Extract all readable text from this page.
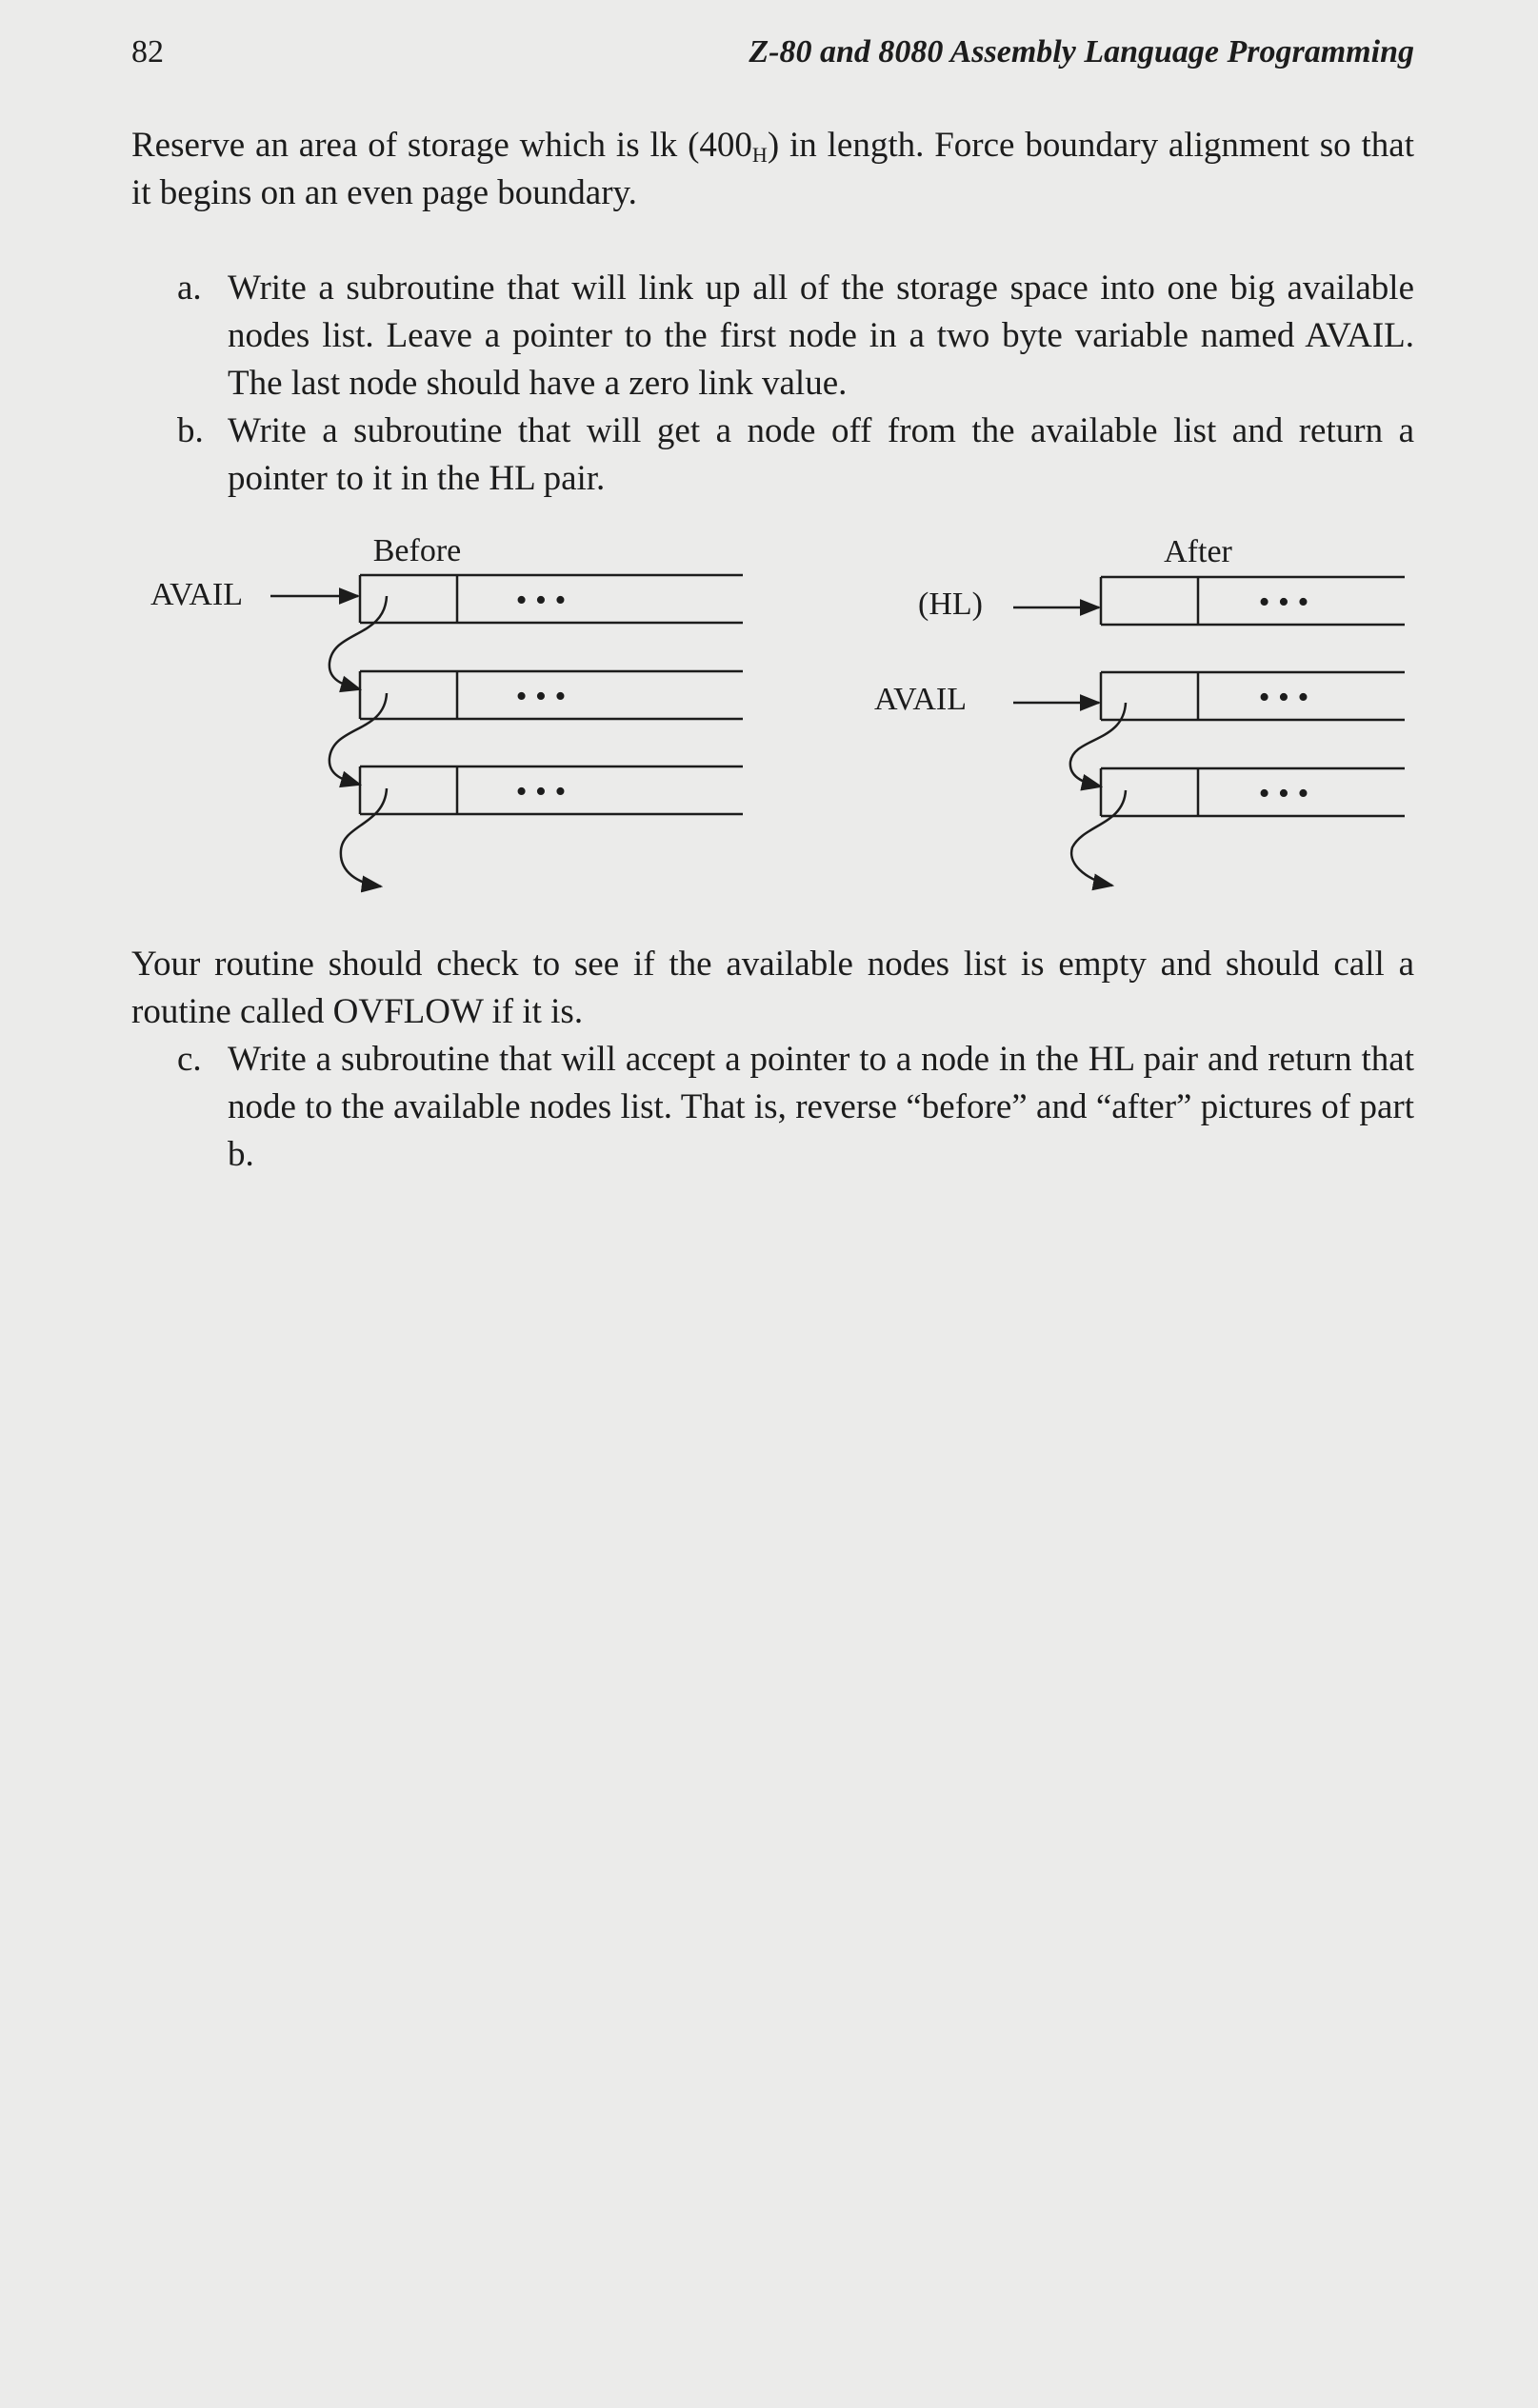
82	Z-80 and 8080 Assembly Language Programming

Reserve an area of storage which is lk $(400_H)$ in length. Force boundary alignment so that it begins on an even page boundary.

a. Write a subroutine that will link up all of the storage space into one big available nodes list. Leave a pointer to the first node in a two byte variable named AVAIL. The last node should have a zero link value.
b. Write a subroutine that will get a node off from the available list and return a pointer to it in the HL pair.
Before
AVAIL	• • •
• • •
• • •
After
(HL)
AVAIL
• • •
• • •
• • •

Your routine should check to see if the available nodes list is empty and should call a routine called OVFLOW if it is.

c. Write a subroutine that will accept a pointer to a node in the HL pair and return that node to the available nodes list. That is, reverse “before” and “after” pictures of part b.
